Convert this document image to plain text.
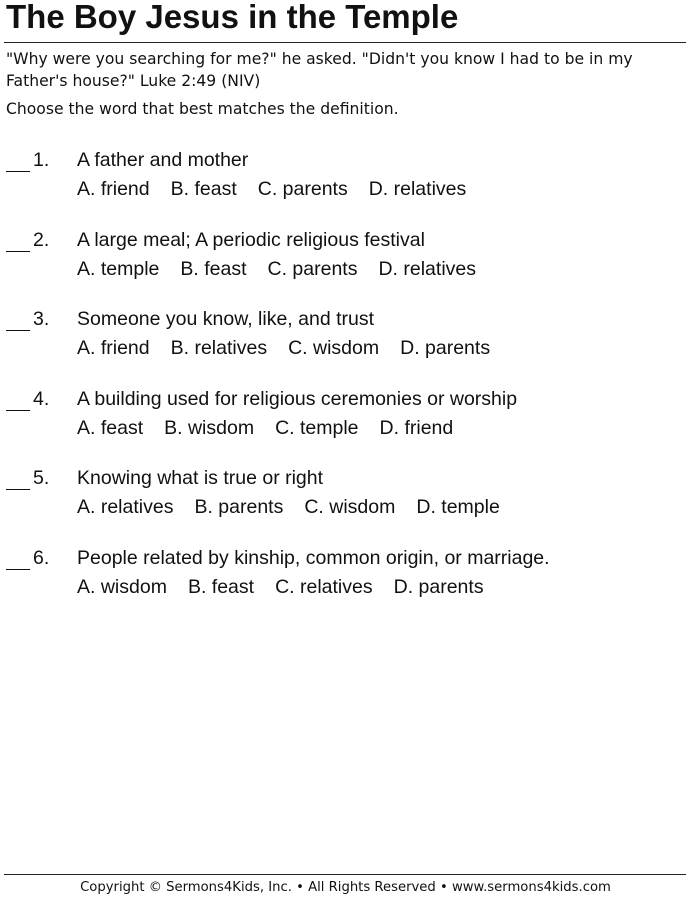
The Boy Jesus in the Temple

"Why were you searching for me?" he asked. "Didn't you know I had to be in my Father's house?" Luke 2:49 (NIV)

Choose the word that best matches the definition.

1. A father and mother
A. friend B. feast C. parents D. relatives
2. A large meal; A periodic religious festival
A. temple B. feast C. parents D. relatives
3. Someone you know, like, and trust
A. friend B. relatives C. wisdom D. parents
4. A building used for religious ceremonies or worship
A. feast B. wisdom C. temple D. friend
5. Knowing what is true or right
A. relatives B. parents C. wisdom D. temple
6. People related by kinship, common origin, or marriage.
A. wisdom B. feast C. relatives D. parents

Copyright © Sermons4Kids, Inc. • All Rights Reserved • www.sermons4kids.com
